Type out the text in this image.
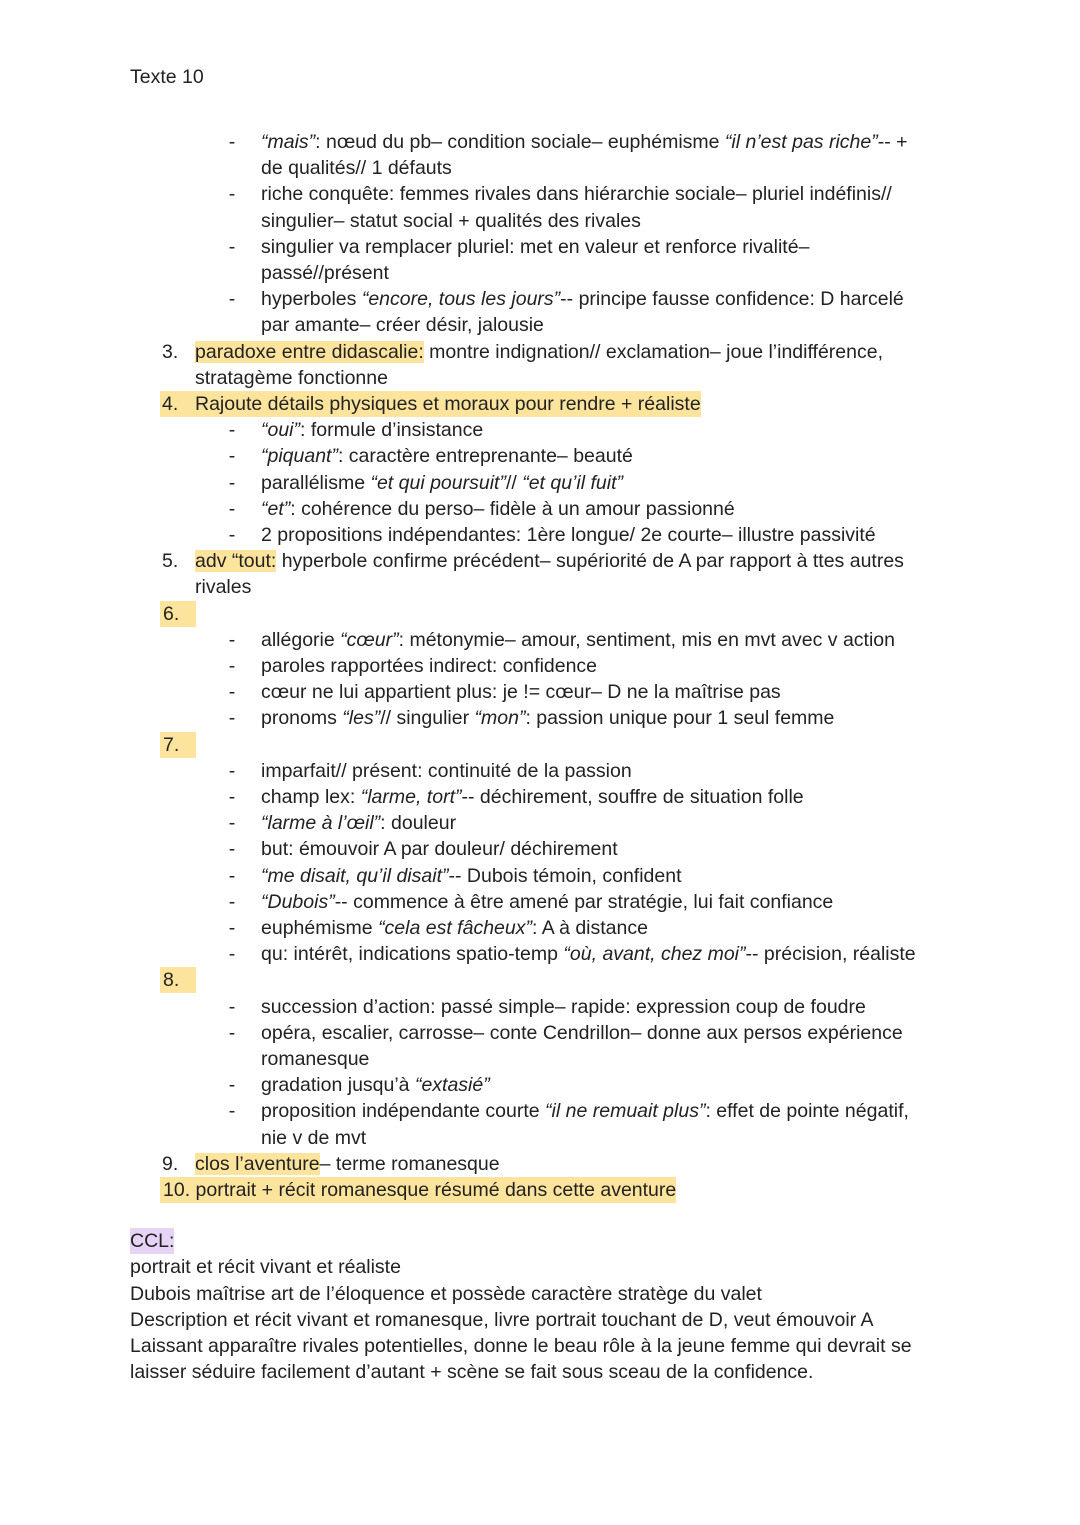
Texte 10
- “mais”: nœud du pb– condition sociale– euphémisme “il n’est pas riche”-- +
de qualités// 1 défauts
- riche conquête: femmes rivales dans hiérarchie sociale– pluriel indéfinis//
singulier– statut social + qualités des rivales
- singulier va remplacer pluriel: met en valeur et renforce rivalité–
passé//présent
- hyperboles “encore, tous les jours”-- principe fausse confidence: D harcelé
par amante– créer désir, jalousie
3. paradoxe entre didascalie: montre indignation// exclamation– joue l’indifférence,
stratagème fonctionne
Rajoute détails physiques et moraux pour rendre + réaliste
4.
- “oui”: formule d’insistance
- “piquant”: caractère entreprenante– beauté
- parallélisme “et qui poursuit”// “et qu’il fuit”
- “et”: cohérence du perso– fidèle à un amour passionné
- 2 propositions indépendantes: 1ère longue/ 2e courte– illustre passivité
5. adv “tout: hyperbole confirme précédent– supériorité de A par rapport à ttes autres
rivales
6.
- allégorie “cœur”: métonymie– amour, sentiment, mis en mvt avec v action
- paroles rapportées indirect: confidence
- cœur ne lui appartient plus: je != cœur– D ne la maîtrise pas
- pronoms “les”// singulier “mon”: passion unique pour 1 seul femme
7.
- imparfait// présent: continuité de la passion
- champ lex: “larme, tort”-- déchirement, souffre de situation folle
- “larme à l’œil”: douleur
- but: émouvoir A par douleur/ déchirement
- “me disait, qu’il disait”-- Dubois témoin, confident
- “Dubois”-- commence à être amené par stratégie, lui fait confiance
- euphémisme “cela est fâcheux”: A à distance
- qu: intérêt, indications spatio-temp “où, avant, chez moi”-- précision, réaliste
8.
- succession d’action: passé simple– rapide: expression coup de foudre
- opéra, escalier, carrosse– conte Cendrillon– donne aux persos expérience
romanesque
- gradation jusqu’à “extasié”
- proposition indépendante courte “il ne remuait plus”: effet de pointe négatif,
nie v de mvt
9. clos l’aventure– terme romanesque
10. portrait + récit romanesque résumé dans cette aventure
CCL:
portrait et récit vivant et réaliste
Dubois maîtrise art de l’éloquence et possède caractère stratège du valet
Description et récit vivant et romanesque, livre portrait touchant de D, veut émouvoir A
Laissant apparaître rivales potentielles, donne le beau rôle à la jeune femme qui devrait se
laisser séduire facilement d’autant + scène se fait sous sceau de la confidence.
